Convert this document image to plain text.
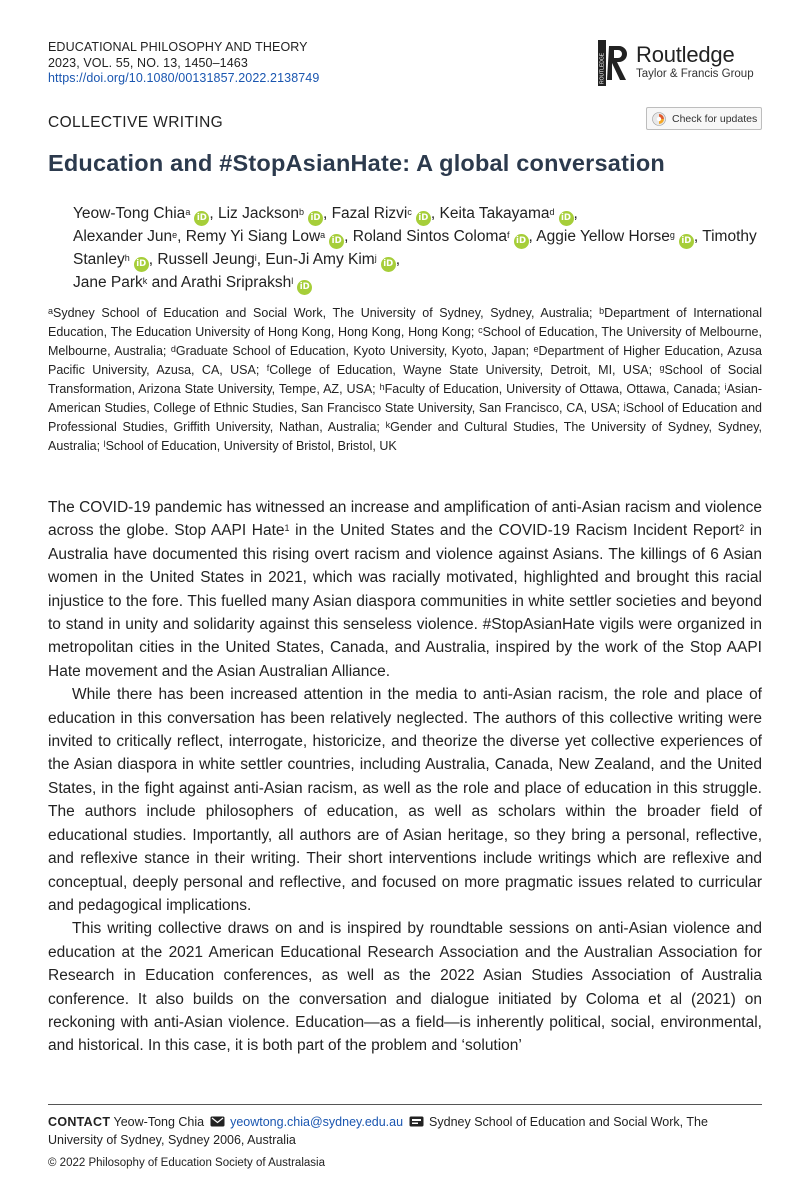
EDUCATIONAL PHILOSOPHY AND THEORY
2023, VOL. 55, NO. 13, 1450–1463
https://doi.org/10.1080/00131857.2022.2138749	ROUTLEDGE Routledge
Taylor & Francis Group
COLLECTIVE WRITING	Check for updates
Education and #StopAsianHate: A global conversation
Yeow-Tong Chia$^a$iD , Liz Jackson$^b$iD , Fazal Rizvi$^c$iD , Keita Takayama$^d$iD ,
Alexander Jun$^e$, Remy Yi Siang Low$^a$iD , Roland Sintos Coloma$^f$iD , Aggie Yellow Horse$^g$iD , Timothy Stanley$^h$iD , Russell Jeung$^i$, Eun-Ji Amy Kim$^j$iD ,
Jane Park$^k$ and Arathi Sripraksh$^l$iD
$^a$Sydney School of Education and Social Work, The University of Sydney, Sydney, Australia; $^b$Department of International Education, The Education University of Hong Kong, Hong Kong, Hong Kong; $^c$School of Education, The University of Melbourne, Melbourne, Australia; $^d$Graduate School of Education, Kyoto University, Kyoto, Japan; $^e$Department of Higher Education, Azusa Pacific University, Azusa, CA, USA; $^f$College of Education, Wayne State University, Detroit, MI, USA; $^g$School of Social Transformation, Arizona State University, Tempe, AZ, USA; $^h$Faculty of Education, University of Ottawa, Ottawa, Canada; $^i$Asian-American Studies, College of Ethnic Studies, San Francisco State University, San Francisco, CA, USA; $^j$School of Education and Professional Studies, Griffith University, Nathan, Australia; $^k$Gender and Cultural Studies, The University of Sydney, Sydney, Australia; $^l$School of Education, University of Bristol, Bristol, UK

The COVID-19 pandemic has witnessed an increase and amplification of anti-Asian racism and violence across the globe. Stop AAPI Hate$^1$ in the United States and the COVID-19 Racism Incident Report$^2$ in Australia have documented this rising overt racism and violence against Asians. The killings of 6 Asian women in the United States in 2021, which was racially motivated, highlighted and brought this racial injustice to the fore. This fuelled many Asian diaspora communities in white settler societies and beyond to stand in unity and solidarity against this senseless violence. #StopAsianHate vigils were organized in metropolitan cities in the United States, Canada, and Australia, inspired by the work of the Stop AAPI Hate movement and the Asian Australian Alliance.

While there has been increased attention in the media to anti-Asian racism, the role and place of education in this conversation has been relatively neglected. The authors of this collective writing were invited to critically reflect, interrogate, historicize, and theorize the diverse yet collective experiences of the Asian diaspora in white settler countries, including Australia, Canada, New Zealand, and the United States, in the fight against anti-Asian racism, as well as the role and place of education in this struggle. The authors include philosophers of education, as well as scholars within the broader field of educational studies. Importantly, all authors are of Asian heritage, so they bring a personal, reflective, and reflexive stance in their writing. Their short interventions include writings which are reflexive and conceptual, deeply personal and reflective, and focused on more pragmatic issues related to curricular and pedagogical implications.

This writing collective draws on and is inspired by roundtable sessions on anti-Asian violence and education at the 2021 American Educational Research Association and the Australian Association for Research in Education conferences, as well as the 2022 Asian Studies Association of Australia conference. It also builds on the conversation and dialogue initiated by Coloma et al (2021) on reckoning with anti-Asian violence. Education—as a field—is inherently political, social, environmental, and historical. In this case, it is both part of the problem and ‘solution’

CONTACT Yeow-Tong Chia yeowtong.chia@sydney.edu.au Sydney School of Education and Social Work, The University of Sydney, Sydney 2006, Australia
© 2022 Philosophy of Education Society of Australasia
